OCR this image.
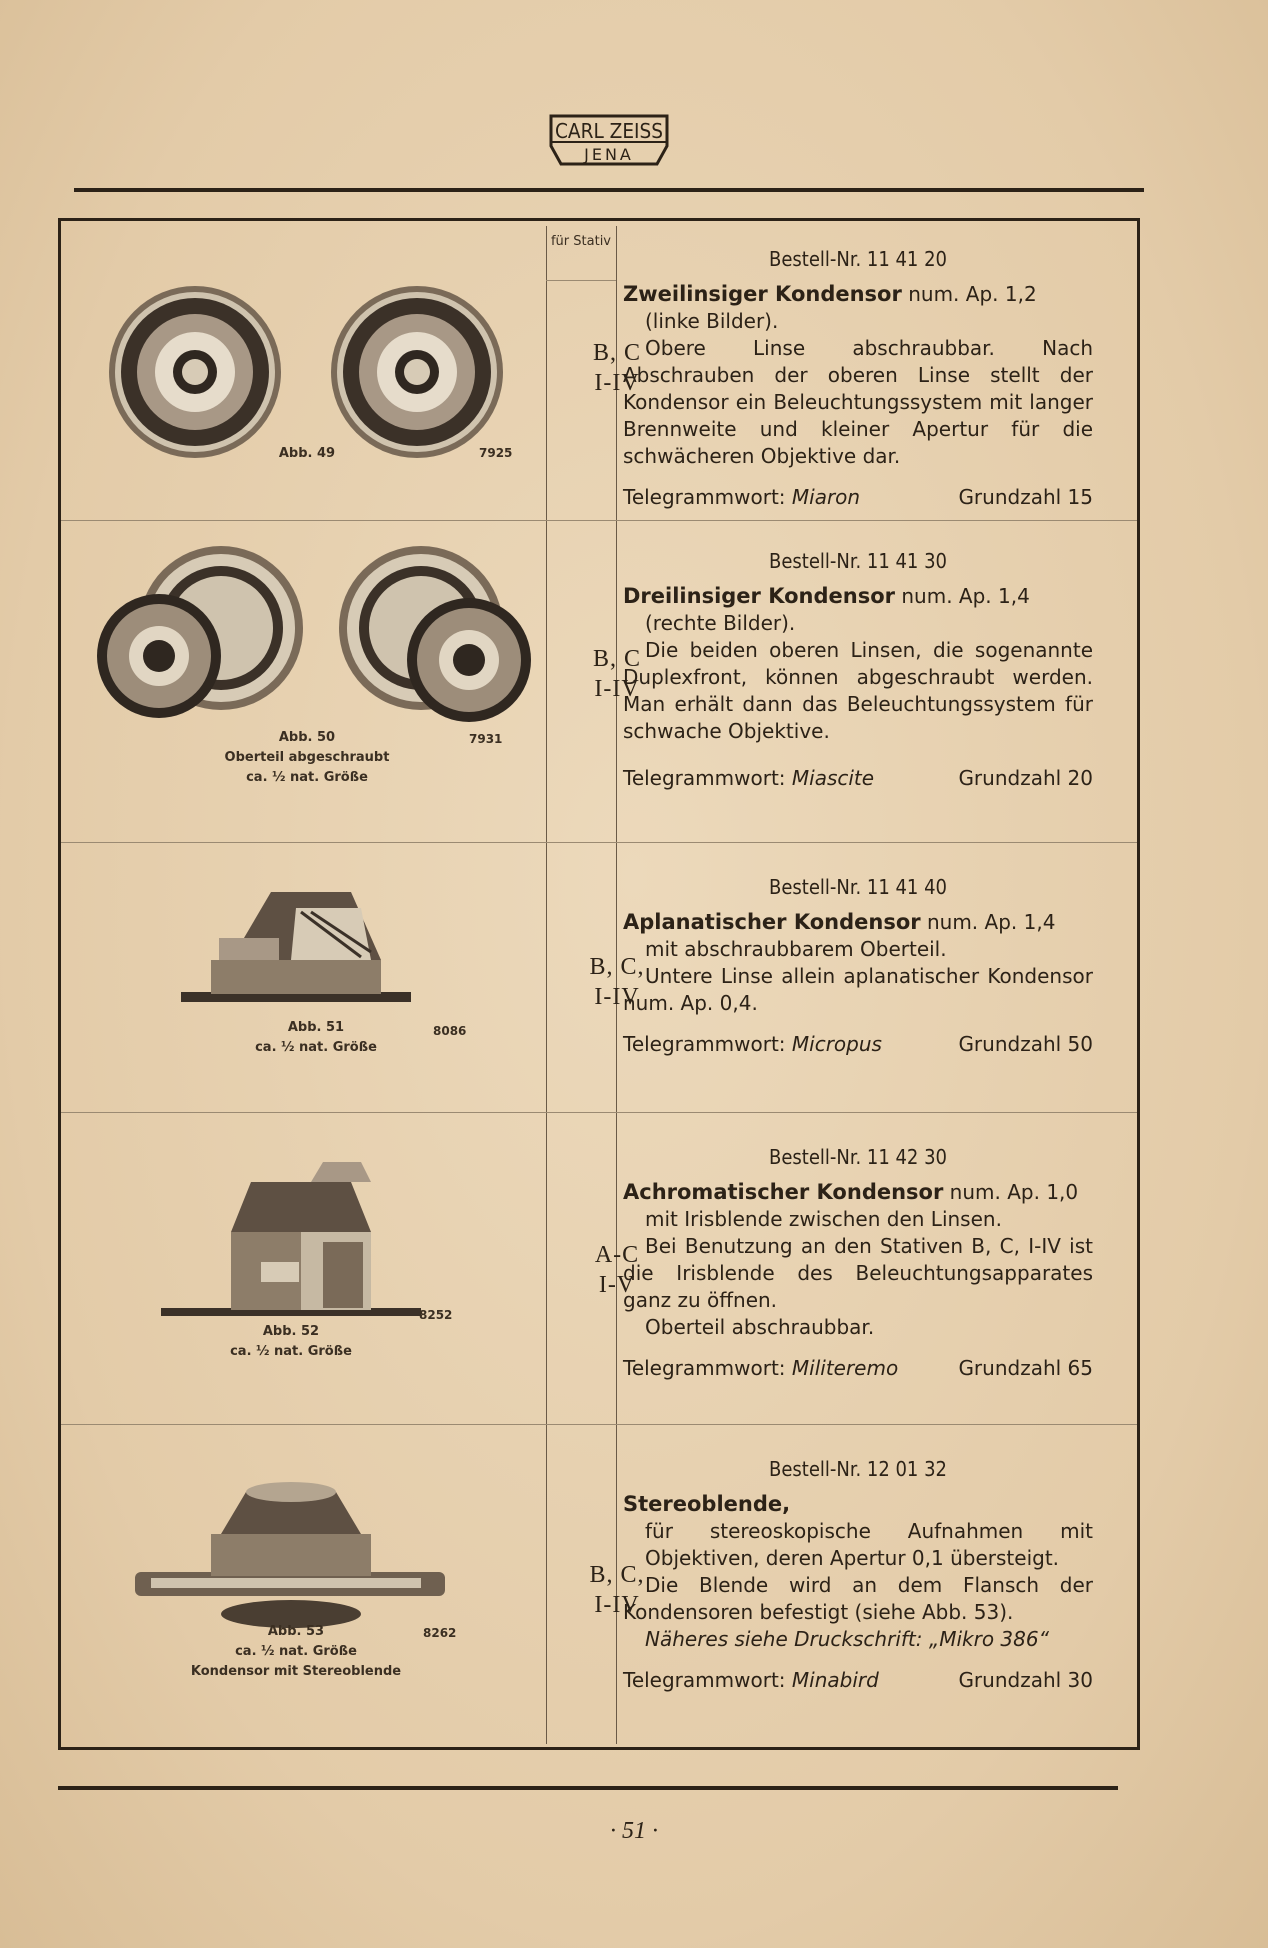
CARL ZEISS
JENA
für Stativ
Abb. 49	7925
B, C
I-IV
Bestell-Nr. 11 41 20
Zweilinsiger Kondensor num. Ap. 1,2
(linke Bilder).
Obere Linse abschraubbar. Nach Abschrauben der oberen Linse stellt der Kondensor ein Beleuchtungssystem mit langer Brennweite und kleiner Apertur für die schwächeren Objektive dar.
Telegrammwort: Miaron	Grundzahl 15
Abb. 50
Oberteil abgeschraubt
ca. ½ nat. Größe
7931
B, C
I-IV
Bestell-Nr. 11 41 30
Dreilinsiger Kondensor num. Ap. 1,4
(rechte Bilder).
Die beiden oberen Linsen, die sogenannte Duplexfront, können abgeschraubt werden. Man erhält dann das Beleuchtungssystem für schwache Objektive.
Telegrammwort: Miascite	Grundzahl 20
Abb. 51
ca. ½ nat. Größe
8086
B, C,
I-IV
Bestell-Nr. 11 41 40
Aplanatischer Kondensor num. Ap. 1,4
mit abschraubbarem Oberteil.
Untere Linse allein aplanatischer Kondensor num. Ap. 0,4.
Telegrammwort: Micropus	Grundzahl 50
Abb. 52
ca. ½ nat. Größe
8252
A-C
I-V
Bestell-Nr. 11 42 30
Achromatischer Kondensor num. Ap. 1,0
mit Irisblende zwischen den Linsen.
Bei Benutzung an den Stativen B, C, I-IV ist die Irisblende des Beleuchtungsapparates ganz zu öffnen.
Oberteil abschraubbar.
Telegrammwort: Militeremo	Grundzahl 65
Abb. 53
ca. ½ nat. Größe
Kondensor mit Stereoblende
8262
B, C,
I-IV
Bestell-Nr. 12 01 32
Stereoblende,
für stereoskopische Aufnahmen mit Objektiven, deren Apertur 0,1 übersteigt.
Die Blende wird an dem Flansch der Kondensoren befestigt (siehe Abb. 53).
Näheres siehe Druckschrift: „Mikro 386“
Telegrammwort: Minabird	Grundzahl 30
· 51 ·
